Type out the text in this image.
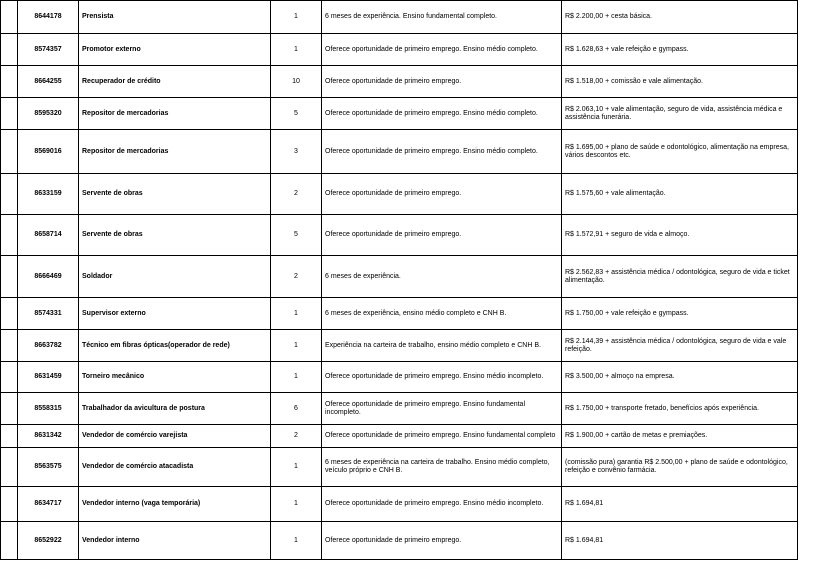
	8644178	Prensista	1	6 meses de experiência. Ensino fundamental completo.	R$ 2.200,00 + cesta básica.
	8574357	Promotor externo	1	Oferece oportunidade de primeiro emprego. Ensino médio completo.	R$ 1.628,63 + vale refeição e gympass.
	8664255	Recuperador de crédito	10	Oferece oportunidade de primeiro emprego.	R$ 1.518,00 + comissão e vale alimentação.
	8595320	Repositor de mercadorias	5	Oferece oportunidade de primeiro emprego. Ensino médio completo.	R$ 2.063,10 + vale alimentação, seguro de vida, assistência médica e assistência funerária.
	8569016	Repositor de mercadorias	3	Oferece oportunidade de primeiro emprego. Ensino médio completo.	R$ 1.695,00 + plano de saúde e odontológico, alimentação na empresa, vários descontos etc.
	8633159	Servente de obras	2	Oferece oportunidade de primeiro emprego.	R$ 1.575,60 + vale alimentação.
	8658714	Servente de obras	5	Oferece oportunidade de primeiro emprego.	R$ 1.572,91 + seguro de vida e almoço.
	8666469	Soldador	2	6 meses de experiência.	R$ 2.562,83 + assistência médica / odontológica, seguro de vida e ticket alimentação.
	8574331	Supervisor externo	1	6 meses de experiência, ensino médio completo e CNH B.	R$ 1.750,00 + vale refeição e gympass.
	8663782	Técnico em fibras ópticas(operador de rede)	1	Experiência na carteira de trabalho, ensino médio completo e CNH B.	R$ 2.144,39 + assistência médica / odontológica, seguro de vida e vale refeição.
	8631459	Torneiro mecânico	1	Oferece oportunidade de primeiro emprego. Ensino médio incompleto.	R$ 3.500,00 + almoço na empresa.
	8558315	Trabalhador da avicultura de postura	6	Oferece oportunidade de primeiro emprego. Ensino fundamental incompleto.	R$ 1.750,00 + transporte fretado, benefícios após experiência.
	8631342	Vendedor de comércio varejista	2	Oferece oportunidade de primeiro emprego. Ensino fundamental completo	R$ 1.900,00 + cartão de metas e premiações.
	8563575	Vendedor de comércio atacadista	1	6 meses de experiência na carteira de trabalho. Ensino médio completo, veículo próprio e CNH B.	(comissão pura) garantia R$ 2.500,00 + plano de saúde e odontológico, refeição e convênio farmácia.
	8634717	Vendedor interno (vaga temporária)	1	Oferece oportunidade de primeiro emprego. Ensino médio incompleto.	R$ 1.694,81
	8652922	Vendedor interno	1	Oferece oportunidade de primeiro emprego.	R$ 1.694,81
